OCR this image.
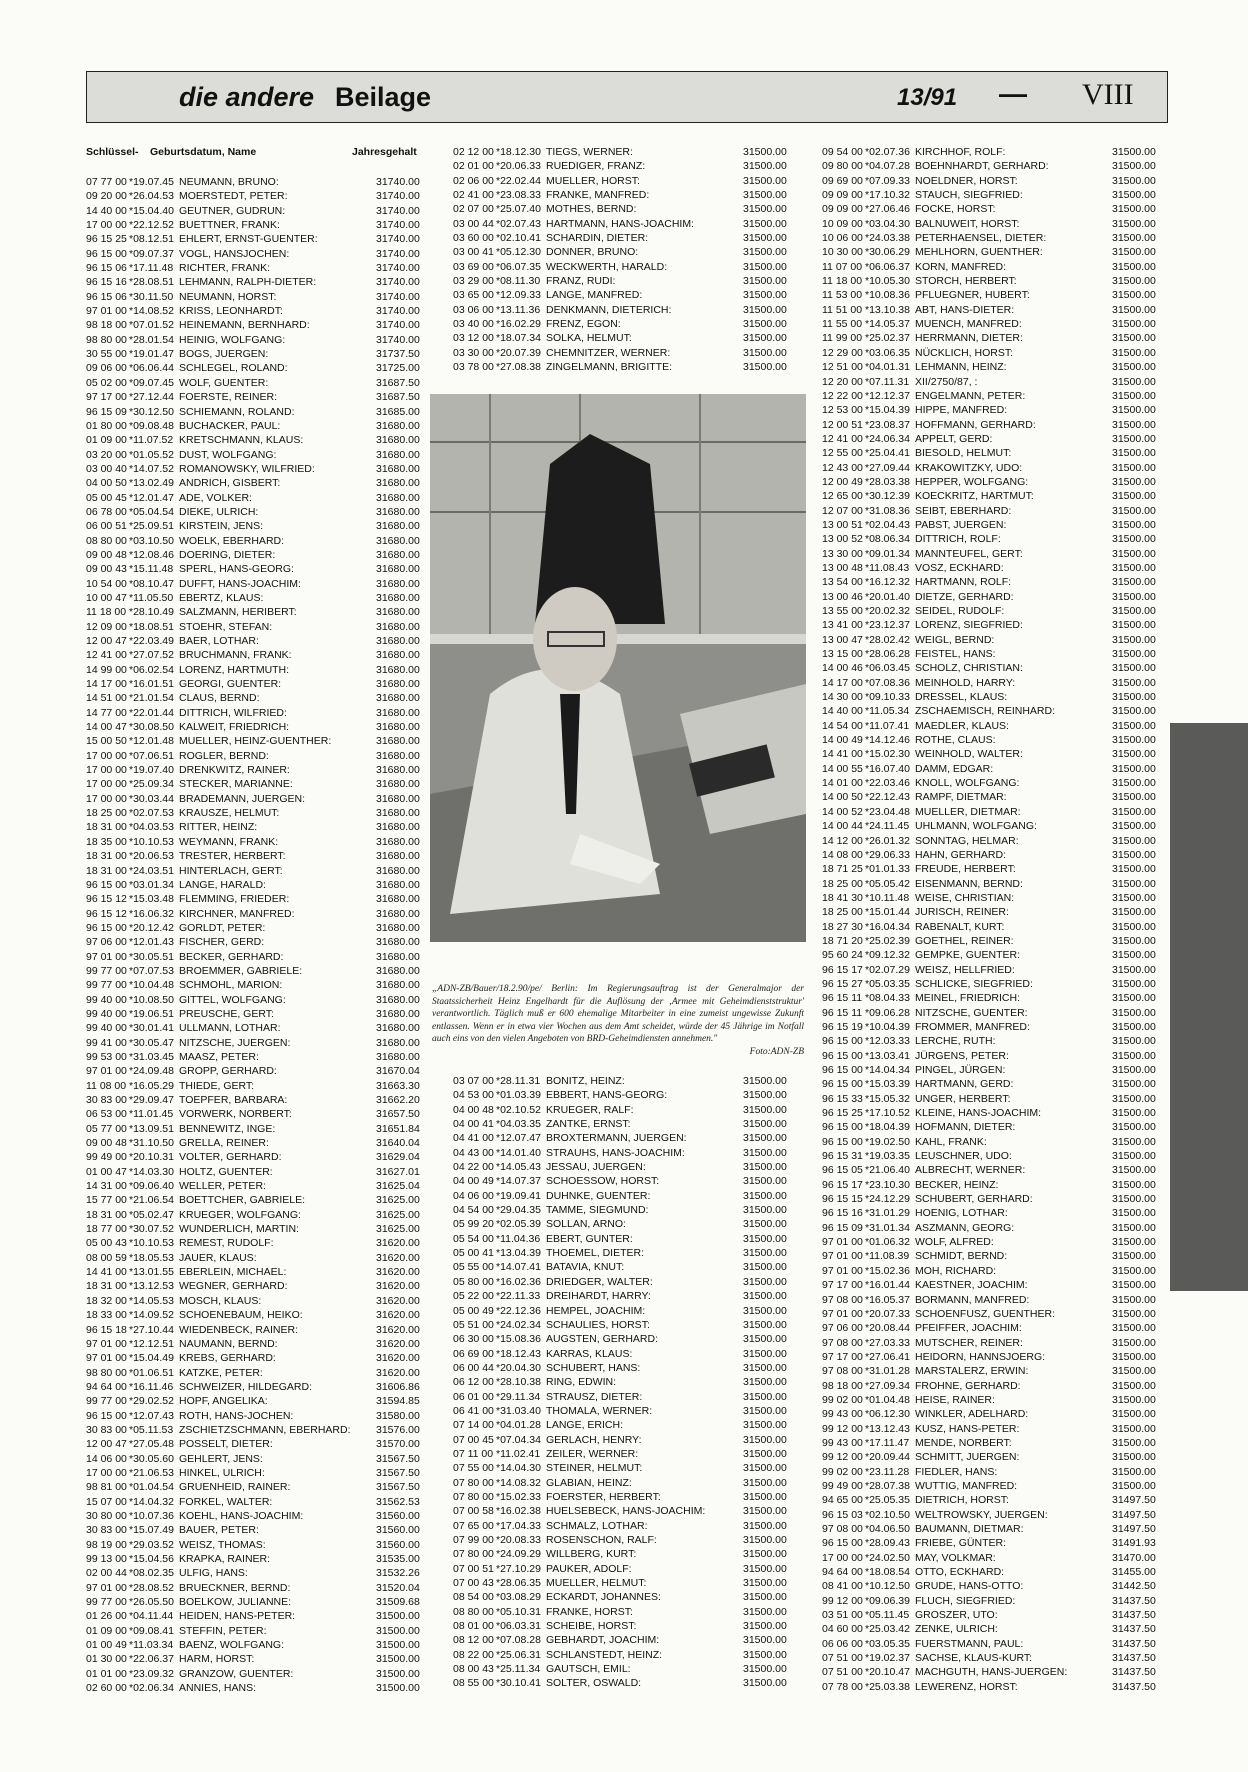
die andere Beilage	13/91 — VIII
Schlüssel- Geburtsdatum, Name	Jahresgehalt
07 77 00 *19.07.45 NEUMANN, BRUNO:	31740.00
09 20 00 *26.04.53 MOERSTEDT, PETER:	31740.00
14 40 00 *15.04.40 GEUTNER, GUDRUN:	31740.00
17 00 00 *22.12.52 BUETTNER, FRANK:	31740.00
96 15 25 *08.12.51 EHLERT, ERNST-GUENTER:	31740.00
96 15 00 *09.07.37 VOGL, HANSJOCHEN:	31740.00
96 15 06 *17.11.48 RICHTER, FRANK:	31740.00
96 15 16 *28.08.51 LEHMANN, RALPH-DIETER:	31740.00
96 15 06 *30.11.50 NEUMANN, HORST:	31740.00
97 01 00 *14.08.52 KRISS, LEONHARDT:	31740.00
98 18 00 *07.01.52 HEINEMANN, BERNHARD:	31740.00
98 80 00 *28.01.54 HEINIG, WOLFGANG:	31740.00
30 55 00 *19.01.47 BOGS, JUERGEN:	31737.50
09 06 00 *06.06.44 SCHLEGEL, ROLAND:	31725.00
05 02 00 *09.07.45 WOLF, GUENTER:	31687.50
97 17 00 *27.12.44 FOERSTE, REINER:	31687.50
96 15 09 *30.12.50 SCHIEMANN, ROLAND:	31685.00
01 80 00 *09.08.48 BUCHACKER, PAUL:	31680.00
01 09 00 *11.07.52 KRETSCHMANN, KLAUS:	31680.00
03 20 00 *01.05.52 DUST, WOLFGANG:	31680.00
03 00 40 *14.07.52 ROMANOWSKY, WILFRIED:	31680.00
04 00 50 *13.02.49 ANDRICH, GISBERT:	31680.00
05 00 45 *12.01.47 ADE, VOLKER:	31680.00
06 78 00 *05.04.54 DIEKE, ULRICH:	31680.00
06 00 51 *25.09.51 KIRSTEIN, JENS:	31680.00
08 80 00 *03.10.50 WOELK, EBERHARD:	31680.00
09 00 48 *12.08.46 DOERING, DIETER:	31680.00
09 00 43 *15.11.48 SPERL, HANS-GEORG:	31680.00
10 54 00 *08.10.47 DUFFT, HANS-JOACHIM:	31680.00
10 00 47 *11.05.50 EBERTZ, KLAUS:	31680.00
11 18 00 *28.10.49 SALZMANN, HERIBERT:	31680.00
12 09 00 *18.08.51 STOEHR, STEFAN:	31680.00
12 00 47 *22.03.49 BAER, LOTHAR:	31680.00
12 41 00 *27.07.52 BRUCHMANN, FRANK:	31680.00
14 99 00 *06.02.54 LORENZ, HARTMUTH:	31680.00
14 17 00 *16.01.51 GEORGI, GUENTER:	31680.00
14 51 00 *21.01.54 CLAUS, BERND:	31680.00
14 77 00 *22.01.44 DITTRICH, WILFRIED:	31680.00
14 00 47 *30.08.50 KALWEIT, FRIEDRICH:	31680.00
15 00 50 *12.01.48 MUELLER, HEINZ-GUENTHER:	31680.00
17 00 00 *07.06.51 ROGLER, BERND:	31680.00
17 00 00 *19.07.40 DRENKWITZ, RAINER:	31680.00
17 00 00 *25.09.34 STECKER, MARIANNE:	31680.00
17 00 00 *30.03.44 BRADEMANN, JUERGEN:	31680.00
18 25 00 *02.07.53 KRAUSZE, HELMUT:	31680.00
18 31 00 *04.03.53 RITTER, HEINZ:	31680.00
18 35 00 *10.10.53 WEYMANN, FRANK:	31680.00
18 31 00 *20.06.53 TRESTER, HERBERT:	31680.00
18 31 00 *24.03.51 HINTERLACH, GERT:	31680.00
96 15 00 *03.01.34 LANGE, HARALD:	31680.00
96 15 12 *15.03.48 FLEMMING, FRIEDER:	31680.00
96 15 12 *16.06.32 KIRCHNER, MANFRED:	31680.00
96 15 00 *20.12.42 GORLDT, PETER:	31680.00
97 06 00 *12.01.43 FISCHER, GERD:	31680.00
97 01 00 *30.05.51 BECKER, GERHARD:	31680.00
99 77 00 *07.07.53 BROEMMER, GABRIELE:	31680.00
99 77 00 *10.04.48 SCHMOHL, MARION:	31680.00
99 40 00 *10.08.50 GITTEL, WOLFGANG:	31680.00
99 40 00 *19.06.51 PREUSCHE, GERT:	31680.00
99 40 00 *30.01.41 ULLMANN, LOTHAR:	31680.00
99 41 00 *30.05.47 NITZSCHE, JUERGEN:	31680.00
99 53 00 *31.03.45 MAASZ, PETER:	31680.00
97 01 00 *24.09.48 GROPP, GERHARD:	31670.04
11 08 00 *16.05.29 THIEDE, GERT:	31663.30
30 83 00 *29.09.47 TOEPFER, BARBARA:	31662.20
06 53 00 *11.01.45 VORWERK, NORBERT:	31657.50
05 77 00 *13.09.51 BENNEWITZ, INGE:	31651.84
09 00 48 *31.10.50 GRELLA, REINER:	31640.04
99 49 00 *20.10.31 VOLTER, GERHARD:	31629.04
01 00 47 *14.03.30 HOLTZ, GUENTER:	31627.01
14 31 00 *09.06.40 WELLER, PETER:	31625.04
15 77 00 *21.06.54 BOETTCHER, GABRIELE:	31625.00
18 31 00 *05.02.47 KRUEGER, WOLFGANG:	31625.00
18 77 00 *30.07.52 WUNDERLICH, MARTIN:	31625.00
05 00 43 *10.10.53 REMEST, RUDOLF:	31620.00
08 00 59 *18.05.53 JAUER, KLAUS:	31620.00
14 41 00 *13.01.55 EBERLEIN, MICHAEL:	31620.00
18 31 00 *13.12.53 WEGNER, GERHARD:	31620.00
18 32 00 *14.05.53 MOSCH, KLAUS:	31620.00
18 33 00 *14.09.52 SCHOENEBAUM, HEIKO:	31620.00
96 15 18 *27.10.44 WIEDENBECK, RAINER:	31620.00
97 01 00 *12.12.51 NAUMANN, BERND:	31620.00
97 01 00 *15.04.49 KREBS, GERHARD:	31620.00
98 80 00 *01.06.51 KATZKE, PETER:	31620.00
94 64 00 *16.11.46 SCHWEIZER, HILDEGARD:	31606.86
99 77 00 *29.02.52 HOPF, ANGELIKA:	31594.85
96 15 00 *12.07.43 ROTH, HANS-JOCHEN:	31580.00
30 83 00 *05.11.53 ZSCHIETZSCHMANN, EBERHARD: 31576.00
12 00 47 *27.05.48 POSSELT, DIETER:	31570.00
14 06 00 *30.05.60 GEHLERT, JENS:	31567.50
17 00 00 *21.06.53 HINKEL, ULRICH:	31567.50
98 81 00 *01.04.54 GRUENHEID, RAINER:	31567.50
15 07 00 *14.04.32 FORKEL, WALTER:	31562.53
30 80 00 *10.07.36 KOEHL, HANS-JOACHIM:	31560.00
30 83 00 *15.07.49 BAUER, PETER:	31560.00
98 19 00 *29.03.52 WEISZ, THOMAS:	31560.00
99 13 00 *15.04.56 KRAPKA, RAINER:	31535.00
02 00 44 *08.02.35 ULFIG, HANS:	31532.26
97 01 00 *28.08.52 BRUECKNER, BERND:	31520.04
99 77 00 *26.05.50 BOELKOW, JULIANNE:	31509.68
01 26 00 *04.11.44 HEIDEN, HANS-PETER:	31500.00
01 09 00 *09.08.41 STEFFIN, PETER:	31500.00
01 00 49 *11.03.34 BAENZ, WOLFGANG:	31500.00
01 30 00 *22.06.37 HARM, HORST:	31500.00
01 01 00 *23.09.32 GRANZOW, GUENTER:	31500.00
02 60 00 *02.06.34 ANNIES, HANS:	31500.00
02 12 00 *18.12.30 TIEGS, WERNER:	31500.00
02 01 00 *20.06.33 RUEDIGER, FRANZ:	31500.00
02 06 00 *22.02.44 MUELLER, HORST:	31500.00
02 41 00 *23.08.33 FRANKE, MANFRED:	31500.00
02 07 00 *25.07.40 MOTHES, BERND:	31500.00
03 00 44 *02.07.43 HARTMANN, HANS-JOACHIM:	31500.00
03 60 00 *02.10.41 SCHARDIN, DIETER:	31500.00
03 00 41 *05.12.30 DONNER, BRUNO:	31500.00
03 69 00 *06.07.35 WECKWERTH, HARALD:	31500.00
03 29 00 *08.11.30 FRANZ, RUDI:	31500.00
03 65 00 *12.09.33 LANGE, MANFRED:	31500.00
03 06 00 *13.11.36 DENKMANN, DIETERICH:	31500.00
03 40 00 *16.02.29 FRENZ, EGON:	31500.00
03 12 00 *18.07.34 SOLKA, HELMUT:	31500.00
03 30 00 *20.07.39 CHEMNITZER, WERNER:	31500.00
03 78 00 *27.08.38 ZINGELMANN, BRIGITTE:	31500.00
03 07 00 *28.11.31 BONITZ, HEINZ:	31500.00
04 53 00 *01.03.39 EBBERT, HANS-GEORG:	31500.00
04 00 48 *02.10.52 KRUEGER, RALF:	31500.00
04 00 41 *04.03.35 ZANTKE, ERNST:	31500.00
04 41 00 *12.07.47 BROXTERMANN, JUERGEN:	31500.00
04 43 00 *14.01.40 STRAUHS, HANS-JOACHIM:	31500.00
04 22 00 *14.05.43 JESSAU, JUERGEN:	31500.00
04 00 49 *14.07.37 SCHOESSOW, HORST:	31500.00
04 06 00 *19.09.41 DUHNKE, GUENTER:	31500.00
04 54 00 *29.04.35 TAMME, SIEGMUND:	31500.00
05 99 20 *02.05.39 SOLLAN, ARNO:	31500.00
05 54 00 *11.04.36 EBERT, GUNTER:	31500.00
05 00 41 *13.04.39 THOEMEL, DIETER:	31500.00
05 55 00 *14.07.41 BATAVIA, KNUT:	31500.00
05 80 00 *16.02.36 DRIEDGER, WALTER:	31500.00
05 22 00 *22.11.33 DREIHARDT, HARRY:	31500.00
05 00 49 *22.12.36 HEMPEL, JOACHIM:	31500.00
05 51 00 *24.02.34 SCHAULIES, HORST:	31500.00
06 30 00 *15.08.36 AUGSTEN, GERHARD:	31500.00
06 69 00 *18.12.43 KARRAS, KLAUS:	31500.00
06 00 44 *20.04.30 SCHUBERT, HANS:	31500.00
06 12 00 *28.10.38 RING, EDWIN:	31500.00
06 01 00 *29.11.34 STRAUSZ, DIETER:	31500.00
06 41 00 *31.03.40 THOMALA, WERNER:	31500.00
07 14 00 *04.01.28 LANGE, ERICH:	31500.00
07 00 45 *07.04.34 GERLACH, HENRY:	31500.00
07 11 00 *11.02.41 ZEILER, WERNER:	31500.00
07 55 00 *14.04.30 STEINER, HELMUT:	31500.00
07 80 00 *14.08.32 GLABIAN, HEINZ:	31500.00
07 80 00 *15.02.33 FOERSTER, HERBERT:	31500.00
07 00 58 *16.02.38 HUELSEBECK, HANS-JOACHIM:	31500.00
07 65 00 *17.04.33 SCHMALZ, LOTHAR:	31500.00
07 99 00 *20.08.33 ROSENSCHON, RALF:	31500.00
07 80 00 *24.09.29 WILLBERG, KURT:	31500.00
07 00 51 *27.10.29 PAUKER, ADOLF:	31500.00
07 00 43 *28.06.35 MUELLER, HELMUT:	31500.00
08 54 00 *03.08.29 ECKARDT, JOHANNES:	31500.00
08 80 00 *05.10.31 FRANKE, HORST:	31500.00
08 01 00 *06.03.31 SCHEIBE, HORST:	31500.00
08 12 00 *07.08.28 GEBHARDT, JOACHIM:	31500.00
08 22 00 *25.06.31 SCHLANSTEDT, HEINZ:	31500.00
08 00 43 *25.11.34 GAUTSCH, EMIL:	31500.00
08 55 00 *30.10.41 SOLTER, OSWALD:	31500.00
09 54 00 *02.07.36 KIRCHHOF, ROLF:	31500.00
09 80 00 *04.07.28 BOEHNHARDT, GERHARD:	31500.00
09 69 00 *07.09.33 NOELDNER, HORST:	31500.00
09 09 00 *17.10.32 STAUCH, SIEGFRIED:	31500.00
09 09 00 *27.06.46 FOCKE, HORST:	31500.00
10 09 00 *03.04.30 BALNUWEIT, HORST:	31500.00
10 06 00 *24.03.38 PETERHAENSEL, DIETER:	31500.00
10 30 00 *30.06.29 MEHLHORN, GUENTHER:	31500.00
11 07 00 *06.06.37 KORN, MANFRED:	31500.00
11 18 00 *10.05.30 STORCH, HERBERT:	31500.00
11 53 00 *10.08.36 PFLUEGNER, HUBERT:	31500.00
11 51 00 *13.10.38 ABT, HANS-DIETER:	31500.00
11 55 00 *14.05.37 MUENCH, MANFRED:	31500.00
11 99 00 *25.02.37 HERRMANN, DIETER:	31500.00
12 29 00 *03.06.35 NÜCKLICH, HORST:	31500.00
12 51 00 *04.01.31 LEHMANN, HEINZ:	31500.00
12 20 00 *07.11.31 XII/2750/87, :	31500.00
12 22 00 *12.12.37 ENGELMANN, PETER:	31500.00
12 53 00 *15.04.39 HIPPE, MANFRED:	31500.00
12 00 51 *23.08.37 HOFFMANN, GERHARD:	31500.00
12 41 00 *24.06.34 APPELT, GERD:	31500.00
12 55 00 *25.04.41 BIESOLD, HELMUT:	31500.00
12 43 00 *27.09.44 KRAKOWITZKY, UDO:	31500.00
12 00 49 *28.03.38 HEPPER, WOLFGANG:	31500.00
12 65 00 *30.12.39 KOECKRITZ, HARTMUT:	31500.00
12 07 00 *31.08.36 SEIBT, EBERHARD:	31500.00
13 00 51 *02.04.43 PABST, JUERGEN:	31500.00
13 00 52 *08.06.34 DITTRICH, ROLF:	31500.00
13 30 00 *09.01.34 MANNTEUFEL, GERT:	31500.00
13 00 48 *11.08.43 VOSZ, ECKHARD:	31500.00
13 54 00 *16.12.32 HARTMANN, ROLF:	31500.00
13 00 46 *20.01.40 DIETZE, GERHARD:	31500.00
13 55 00 *20.02.32 SEIDEL, RUDOLF:	31500.00
13 41 00 *23.12.37 LORENZ, SIEGFRIED:	31500.00
13 00 47 *28.02.42 WEIGL, BERND:	31500.00
13 15 00 *28.06.28 FEISTEL, HANS:	31500.00
14 00 46 *06.03.45 SCHOLZ, CHRISTIAN:	31500.00
14 17 00 *07.08.36 MEINHOLD, HARRY:	31500.00
14 30 00 *09.10.33 DRESSEL, KLAUS:	31500.00
14 40 00 *11.05.34 ZSCHAEMISCH, REINHARD:	31500.00
14 54 00 *11.07.41 MAEDLER, KLAUS:	31500.00
14 00 49 *14.12.46 ROTHE, CLAUS:	31500.00
14 41 00 *15.02.30 WEINHOLD, WALTER:	31500.00
14 00 55 *16.07.40 DAMM, EDGAR:	31500.00
14 01 00 *22.03.46 KNOLL, WOLFGANG:	31500.00
14 00 50 *22.12.43 RAMPF, DIETMAR:	31500.00
14 00 52 *23.04.48 MUELLER, DIETMAR:	31500.00
14 00 44 *24.11.45 UHLMANN, WOLFGANG:	31500.00
14 12 00 *26.01.32 SONNTAG, HELMAR:	31500.00
14 08 00 *29.06.33 HAHN, GERHARD:	31500.00
18 71 25 *01.01.33 FREUDE, HERBERT:	31500.00
18 25 00 *05.05.42 EISENMANN, BERND:	31500.00
18 41 30 *10.11.48 WEISE, CHRISTIAN:	31500.00
18 25 00 *15.01.44 JURISCH, REINER:	31500.00
18 27 30 *16.04.34 RABENALT, KURT:	31500.00
18 71 20 *25.02.39 GOETHEL, REINER:	31500.00
95 60 24 *09.12.32 GEMPKE, GUENTER:	31500.00
96 15 17 *02.07.29 WEISZ, HELLFRIED:	31500.00
96 15 27 *05.03.35 SCHLICKE, SIEGFRIED:	31500.00
96 15 11 *08.04.33 MEINEL, FRIEDRICH:	31500.00
96 15 11 *09.06.28 NITZSCHE, GUENTER:	31500.00
96 15 19 *10.04.39 FROMMER, MANFRED:	31500.00
96 15 00 *12.03.33 LERCHE, RUTH:	31500.00
96 15 00 *13.03.41 JÜRGENS, PETER:	31500.00
96 15 00 *14.04.34 PINGEL, JÜRGEN:	31500.00
96 15 00 *15.03.39 HARTMANN, GERD:	31500.00
96 15 33 *15.05.32 UNGER, HERBERT:	31500.00
96 15 25 *17.10.52 KLEINE, HANS-JOACHIM:	31500.00
96 15 00 *18.04.39 HOFMANN, DIETER:	31500.00
96 15 00 *19.02.50 KAHL, FRANK:	31500.00
96 15 31 *19.03.35 LEUSCHNER, UDO:	31500.00
96 15 05 *21.06.40 ALBRECHT, WERNER:	31500.00
96 15 17 *23.10.30 BECKER, HEINZ:	31500.00
96 15 15 *24.12.29 SCHUBERT, GERHARD:	31500.00
96 15 16 *31.01.29 HOENIG, LOTHAR:	31500.00
96 15 09 *31.01.34 ASZMANN, GEORG:	31500.00
97 01 00 *01.06.32 WOLF, ALFRED:	31500.00
97 01 00 *11.08.39 SCHMIDT, BERND:	31500.00
97 01 00 *15.02.36 MOH, RICHARD:	31500.00
97 17 00 *16.01.44 KAESTNER, JOACHIM:	31500.00
97 08 00 *16.05.37 BORMANN, MANFRED:	31500.00
97 01 00 *20.07.33 SCHOENFUSZ, GUENTHER:	31500.00
97 06 00 *20.08.44 PFEIFFER, JOACHIM:	31500.00
97 08 00 *27.03.33 MUTSCHER, REINER:	31500.00
97 17 00 *27.06.41 HEIDORN, HANNSJOERG:	31500.00
97 08 00 *31.01.28 MARSTALERZ, ERWIN:	31500.00
98 18 00 *27.09.34 FROHNE, GERHARD:	31500.00
99 02 00 *01.04.48 HEISE, RAINER:	31500.00
99 43 00 *06.12.30 WINKLER, ADELHARD:	31500.00
99 12 00 *13.12.43 KUSZ, HANS-PETER:	31500.00
99 43 00 *17.11.47 MENDE, NORBERT:	31500.00
99 12 00 *20.09.44 SCHMITT, JUERGEN:	31500.00
99 02 00 *23.11.28 FIEDLER, HANS:	31500.00
99 49 00 *28.07.38 WUTTIG, MANFRED:	31500.00
94 65 00 *25.05.35 DIETRICH, HORST:	31497.50
96 15 03 *02.10.50 WELTROWSKY, JUERGEN:	31497.50
97 08 00 *04.06.50 BAUMANN, DIETMAR:	31497.50
96 15 00 *28.09.43 FRIEBE, GÜNTER:	31491.93
17 00 00 *24.02.50 MAY, VOLKMAR:	31470.00
94 64 00 *18.08.54 OTTO, ECKHARD:	31455.00
08 41 00 *10.12.50 GRUDE, HANS-OTTO:	31442.50
99 12 00 *09.06.39 FLUCH, SIEGFRIED:	31437.50
03 51 00 *05.11.45 GROSZER, UTO:	31437.50
04 60 00 *25.03.42 ZENKE, ULRICH:	31437.50
06 06 00 *03.05.35 FUERSTMANN, PAUL:	31437.50
07 51 00 *19.02.37 SACHSE, KLAUS-KURT:	31437.50
07 51 00 *20.10.47 MACHGUTH, HANS-JUERGEN:	31437.50
07 78 00 *25.03.38 LEWERENZ, HORST:	31437.50
„ADN-ZB/Bauer/18.2.90/pe/ Berlin: Im Regierungsauftrag ist der Generalmajor der Staatssicherheit Heinz Engelhardt für die Auflösung der ‚Armee mit Geheimdienststruktur' verantwortlich. Täglich muß er 600 ehemalige Mitarbeiter in eine zumeist ungewisse Zukunft entlassen. Wenn er in etwa vier Wochen aus dem Amt scheidet, würde der 45 Jährige im Notfall auch eins von den vielen Angeboten von BRD-Geheimdiensten annehmen."
Foto:ADN-ZB
